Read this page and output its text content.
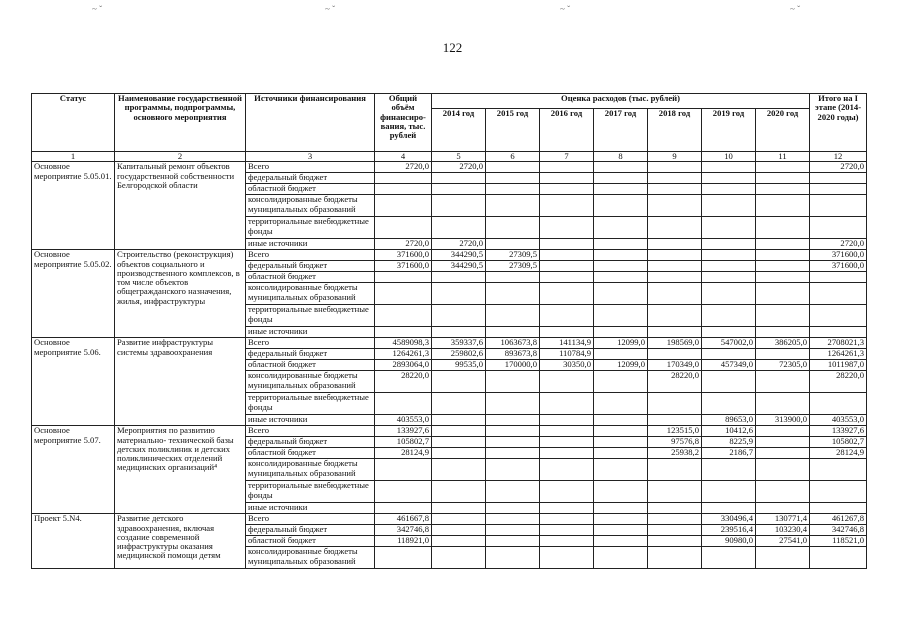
~ ˇ	~ ˇ	~ ˇ	~ ˇ
122
Статус	Наименование государственной программы, подпрограммы, основного мероприятия	Источники финансирования	Общий объём финансиро-вания, тыс. рублей	Оценка расходов (тыс. рублей)							Итого на I этапе (2014-2020 годы)
				2014 год	2015 год	2016 год	2017 год	2018 год	2019 год	2020 год	
1	2	3	4	5	6	7	8	9	10	11	12
Основное мероприятие 5.05.01.	Капитальный ремонт объектов государственной собственности Белгородской области	Всего	2720,0	2720,0							2720,0
		федеральный бюджет									
		областной бюджет									
		консолидированные бюджеты муниципальных образований									
		территориальные внебюджетные фонды									
		иные источники	2720,0	2720,0							2720,0
Основное мероприятие 5.05.02.	Строительство (реконструкция) объектов социального и производственного комплексов, в том числе объектов общегражданского назначения, жилья, инфраструктуры	Всего	371600,0	344290,5	27309,5						371600,0
		федеральный бюджет	371600,0	344290,5	27309,5						371600,0
		областной бюджет									
		консолидированные бюджеты муниципальных образований									
		территориальные внебюджетные фонды									
		иные источники									
Основное мероприятие 5.06.	Развитие инфраструктуры системы здравоохранения	Всего	4589098,3	359337,6	1063673,8	141134,9	12099,0	198569,0	547002,0	386205,0	2708021,3
		федеральный бюджет	1264261,3	259802,6	893673,8	110784,9					1264261,3
		областной бюджет	2893064,0	99535,0	170000,0	30350,0	12099,0	170349,0	457349,0	72305,0	1011987,0
		консолидированные бюджеты муниципальных образований	28220,0					28220,0			28220,0
		территориальные внебюджетные фонды									
		иные источники	403553,0						89653,0	313900,0	403553,0
Основное мероприятие 5.07.	Мероприятия по развитию материально- технической базы детских поликлиник и детских поликлинических отделений медицинских организаций⁴	Всего	133927,6					123515,0	10412,6		133927,6
		федеральный бюджет	105802,7					97576,8	8225,9		105802,7
		областной бюджет	28124,9					25938,2	2186,7		28124,9
		консолидированные бюджеты муниципальных образований									
		территориальные внебюджетные фонды									
		иные источники									
Проект 5.N4.	Развитие детского здравоохранения, включая создание современной инфраструктуры оказания медицинской помощи детям	Всего	461667,8						330496,4	130771,4	461267,8
		федеральный бюджет	342746,8						239516,4	103230,4	342746,8
		областной бюджет	118921,0						90980,0	27541,0	118521,0
		консолидированные бюджеты муниципальных образований									
